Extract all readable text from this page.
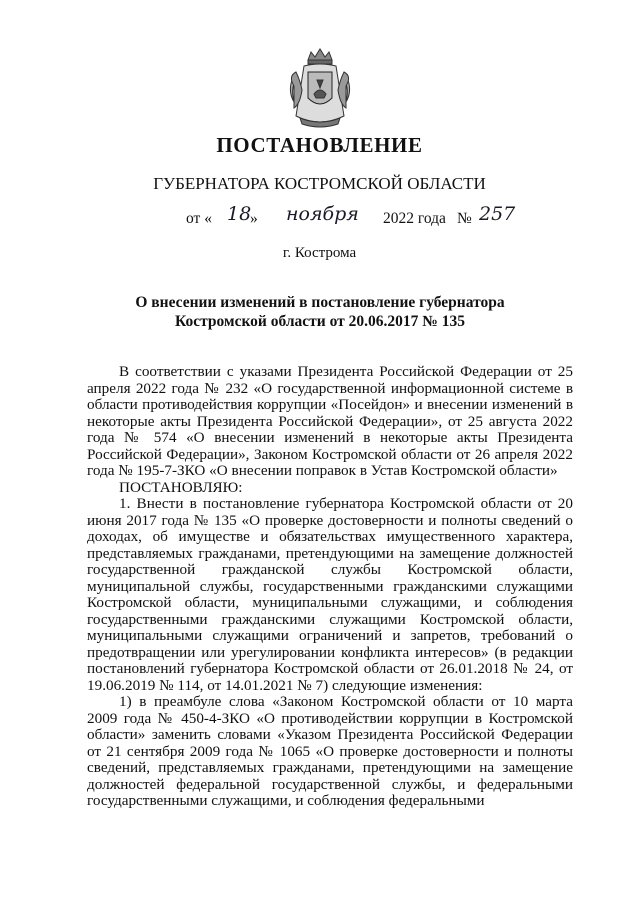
ПОСТАНОВЛЕНИЕ
ГУБЕРНАТОРА КОСТРОМСКОЙ ОБЛАСТИ
от « 18
» ноября 2022 года № 257
г. Кострома
О внесении изменений в постановление губернатора
Костромской области от 20.06.2017 № 135

В соответствии с указами Президента Российской Федерации от 25 апреля 2022 года № 232 «О государственной информационной системе в области противодействия коррупции «Посейдон» и внесении изменений в некоторые акты Президента Российской Федерации», от 25 августа 2022 года № 574 «О внесении изменений в некоторые акты Президента Российской Федерации», Законом Костромской области от 26 апреля 2022 года № 195-7-ЗКО «О внесении поправок в Устав Костромской области»

ПОСТАНОВЛЯЮ:

1. Внести в постановление губернатора Костромской области от 20 июня 2017 года № 135 «О проверке достоверности и полноты сведений о доходах, об имуществе и обязательствах имущественного характера, представляемых гражданами, претендующими на замещение должностей государственной гражданской службы Костромской области, муниципальной службы, государственными гражданскими служащими Костромской области, муниципальными служащими, и соблюдения государственными гражданскими служащими Костромской области, муниципальными служащими ограничений и запретов, требований о предотвращении или урегулировании конфликта интересов» (в редакции постановлений губернатора Костромской области от 26.01.2018 № 24, от 19.06.2019 № 114, от 14.01.2021 № 7) следующие изменения:

1) в преамбуле слова «Законом Костромской области от 10 марта 2009 года № 450-4-ЗКО «О противодействии коррупции в Костромской области» заменить словами «Указом Президента Российской Федерации от 21 сентября 2009 года № 1065 «О проверке достоверности и полноты сведений, представляемых гражданами, претендующими на замещение должностей федеральной государственной службы, и федеральными государственными служащими, и соблюдения федеральными
